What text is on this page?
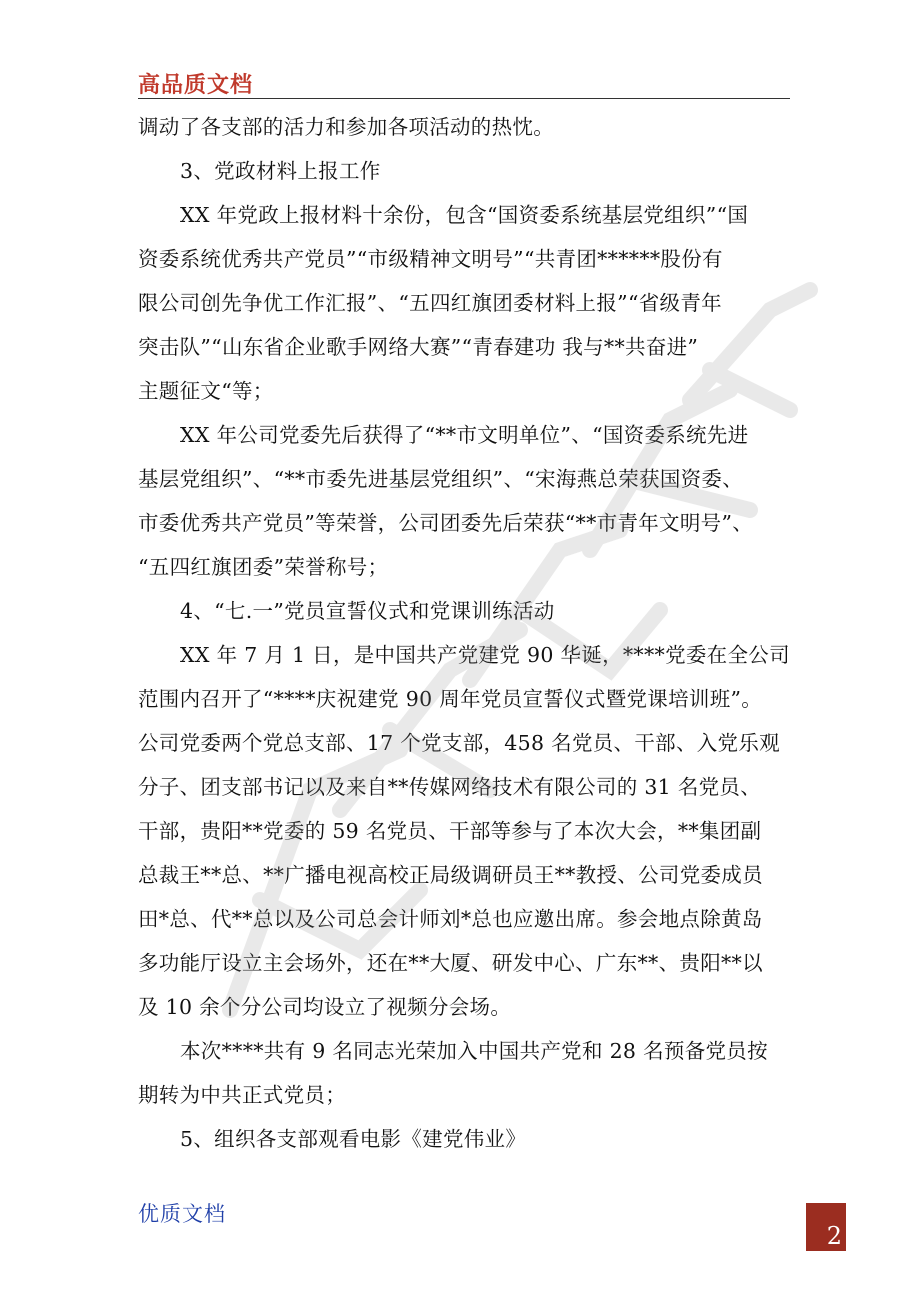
高品质文档
调动了各支部的活力和参加各项活动的热忱。
3、党政材料上报工作
XX 年党政上报材料十余份，包含“国资委系统基层党组织”“国
资委系统优秀共产党员”“市级精神文明号”“共青团******股份有
限公司创先争优工作汇报”、“五四红旗团委材料上报”“省级青年
突击队”“山东省企业歌手网络大赛”“青春建功 我与**共奋进”
主题征文“等；
XX 年公司党委先后获得了“**市文明单位”、“国资委系统先进
基层党组织”、“**市委先进基层党组织”、“宋海燕总荣获国资委、
市委优秀共产党员”等荣誉，公司团委先后荣获“**市青年文明号”、
“五四红旗团委”荣誉称号；
4、“七.一”党员宣誓仪式和党课训练活动
XX 年 7 月 1 日，是中国共产党建党 90 华诞，****党委在全公司
范围内召开了“****庆祝建党 90 周年党员宣誓仪式暨党课培训班”。
公司党委两个党总支部、17 个党支部，458 名党员、干部、入党乐观
分子、团支部书记以及来自**传媒网络技术有限公司的 31 名党员、
干部，贵阳**党委的 59 名党员、干部等参与了本次大会，**集团副
总裁王**总、**广播电视高校正局级调研员王**教授、公司党委成员
田*总、代**总以及公司总会计师刘*总也应邀出席。参会地点除黄岛
多功能厅设立主会场外，还在**大厦、研发中心、广东**、贵阳**以
及 10 余个分公司均设立了视频分会场。
本次****共有 9 名同志光荣加入中国共产党和 28 名预备党员按
期转为中共正式党员；
5、组织各支部观看电影《建党伟业》
优质文档
2
